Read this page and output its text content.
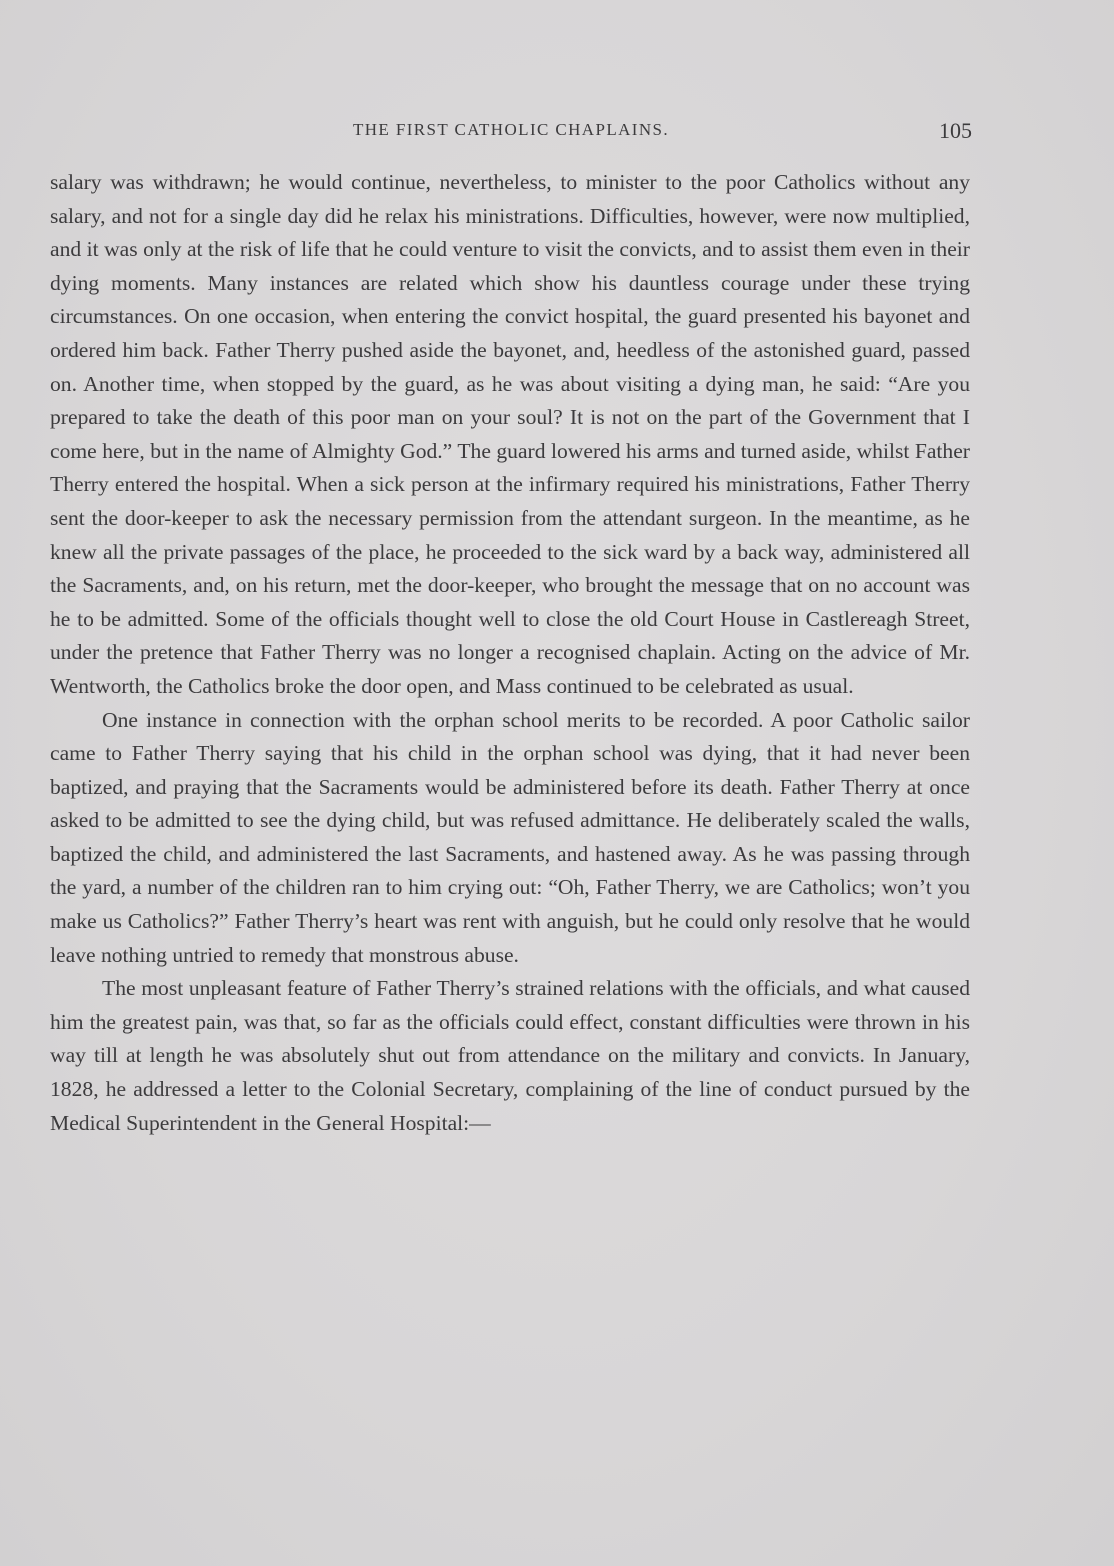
THE FIRST CATHOLIC CHAPLAINS.	105

salary was withdrawn; he would continue, nevertheless, to minister to the poor Catholics without any salary, and not for a single day did he relax his ministrations. Difficulties, however, were now multiplied, and it was only at the risk of life that he could venture to visit the convicts, and to assist them even in their dying moments. Many instances are related which show his dauntless courage under these trying circumstances. On one occasion, when entering the convict hospital, the guard presented his bayonet and ordered him back. Father Therry pushed aside the bayonet, and, heedless of the astonished guard, passed on. Another time, when stopped by the guard, as he was about visiting a dying man, he said: “Are you prepared to take the death of this poor man on your soul? It is not on the part of the Government that I come here, but in the name of Almighty God.” The guard lowered his arms and turned aside, whilst Father Therry entered the hospital. When a sick person at the infirmary required his ministrations, Father Therry sent the door-keeper to ask the necessary permission from the attendant surgeon. In the meantime, as he knew all the private passages of the place, he proceeded to the sick ward by a back way, administered all the Sacraments, and, on his return, met the door-keeper, who brought the message that on no account was he to be admitted. Some of the officials thought well to close the old Court House in Castlereagh Street, under the pretence that Father Therry was no longer a recognised chaplain. Acting on the advice of Mr. Wentworth, the Catholics broke the door open, and Mass continued to be celebrated as usual.

One instance in connection with the orphan school merits to be recorded. A poor Catholic sailor came to Father Therry saying that his child in the orphan school was dying, that it had never been baptized, and praying that the Sacraments would be administered before its death. Father Therry at once asked to be admitted to see the dying child, but was refused admittance. He deliberately scaled the walls, baptized the child, and administered the last Sacraments, and hastened away. As he was passing through the yard, a number of the children ran to him crying out: “Oh, Father Therry, we are Catholics; won’t you make us Catholics?” Father Therry’s heart was rent with anguish, but he could only resolve that he would leave nothing untried to remedy that monstrous abuse.

The most unpleasant feature of Father Therry’s strained relations with the officials, and what caused him the greatest pain, was that, so far as the officials could effect, constant difficulties were thrown in his way till at length he was absolutely shut out from attendance on the military and convicts. In January, 1828, he addressed a letter to the Colonial Secretary, complaining of the line of conduct pursued by the Medical Superintendent in the General Hospital:—
